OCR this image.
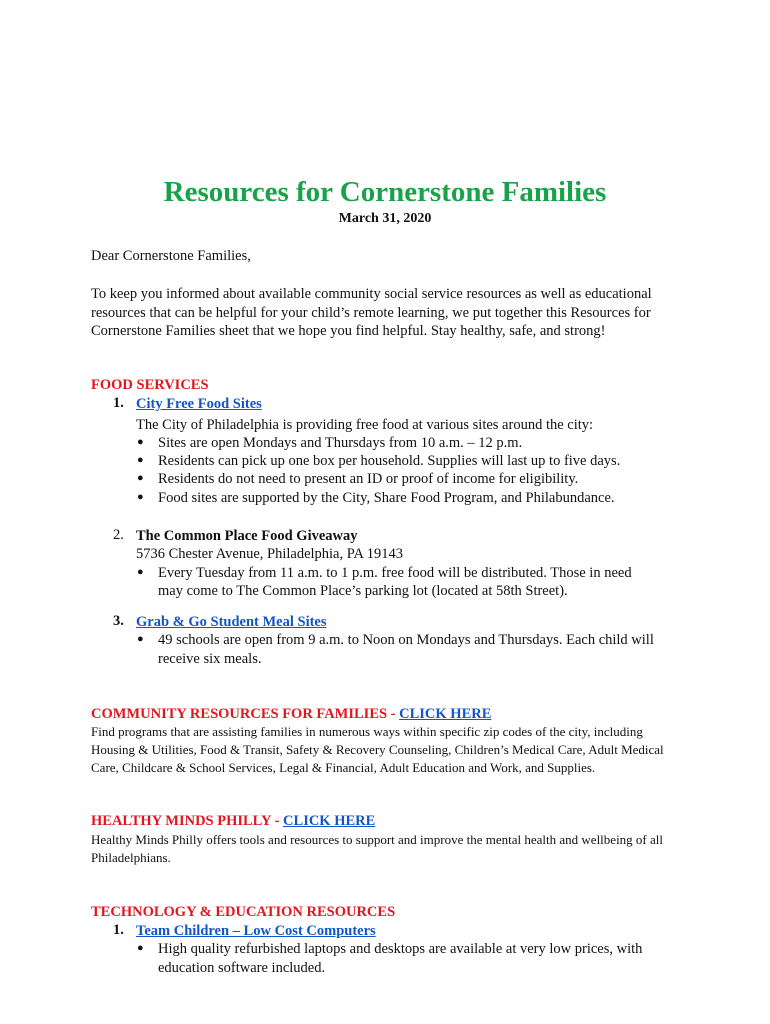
Resources for Cornerstone Families
March 31, 2020
Dear Cornerstone Families,
To keep you informed about available community social service resources as well as educational resources that can be helpful for your child’s remote learning, we put together this Resources for Cornerstone Families sheet that we hope you find helpful. Stay healthy, safe, and strong!
FOOD SERVICES
1. City Free Food Sites
The City of Philadelphia is providing free food at various sites around the city:
● Sites are open Mondays and Thursdays from 10 a.m. – 12 p.m.
● Residents can pick up one box per household. Supplies will last up to five days.
● Residents do not need to present an ID or proof of income for eligibility.
● Food sites are supported by the City, Share Food Program, and Philabundance.
2. The Common Place Food Giveaway
5736 Chester Avenue, Philadelphia, PA 19143
● Every Tuesday from 11 a.m. to 1 p.m. free food will be distributed. Those in need
may come to The Common Place’s parking lot (located at 58th Street).
3. Grab & Go Student Meal Sites
● 49 schools are open from 9 a.m. to Noon on Mondays and Thursdays. Each child will
receive six meals.
COMMUNITY RESOURCES FOR FAMILIES - CLICK HERE
Find programs that are assisting families in numerous ways within specific zip codes of the city, including Housing & Utilities, Food & Transit, Safety & Recovery Counseling, Children’s Medical Care, Adult Medical Care, Childcare & School Services, Legal & Financial, Adult Education and Work, and Supplies.
HEALTHY MINDS PHILLY - CLICK HERE
Healthy Minds Philly offers tools and resources to support and improve the mental health and wellbeing of all Philadelphians.
TECHNOLOGY & EDUCATION RESOURCES
1. Team Children – Low Cost Computers
● High quality refurbished laptops and desktops are available at very low prices, with
education software included.
